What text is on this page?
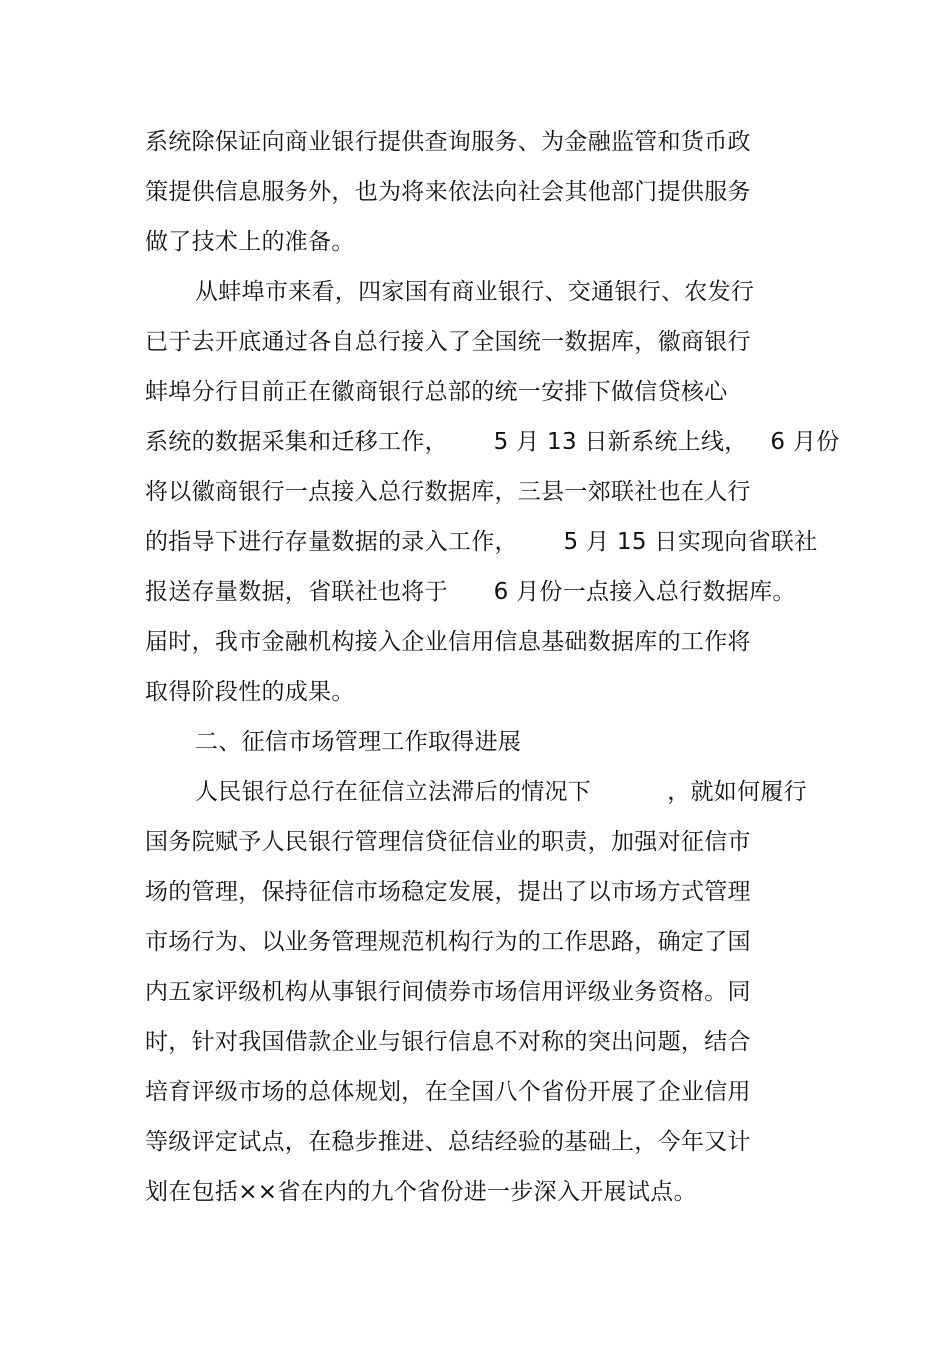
系统除保证向商业银行提供查询服务、为金融监管和货币政
策提供信息服务外，也为将来依法向社会其他部门提供服务
做了技术上的准备。
从蚌埠市来看，四家国有商业银行、交通银行、农发行
已于去开底通过各自总行接入了全国统一数据库，徽商银行
蚌埠分行目前正在徽商银行总部的统一安排下做信贷核心
系统的数据采集和迁移工作，      5 月 13 日新系统上线，   6 月份
将以徽商银行一点接入总行数据库，三县一郊联社也在人行
的指导下进行存量数据的录入工作，      5 月 15 日实现向省联社
报送存量数据，省联社也将于      6 月份一点接入总行数据库。
届时，我市金融机构接入企业信用信息基础数据库的工作将
取得阶段性的成果。
二、征信市场管理工作取得进展
人民银行总行在征信立法滞后的情况下          ，就如何履行
国务院赋予人民银行管理信贷征信业的职责，加强对征信市
场的管理，保持征信市场稳定发展，提出了以市场方式管理
市场行为、以业务管理规范机构行为的工作思路，确定了国
内五家评级机构从事银行间债券市场信用评级业务资格。同
时，针对我国借款企业与银行信息不对称的突出问题，结合
培育评级市场的总体规划，在全国八个省份开展了企业信用
等级评定试点，在稳步推进、总结经验的基础上，今年又计
划在包括××省在内的九个省份进一步深入开展试点。
